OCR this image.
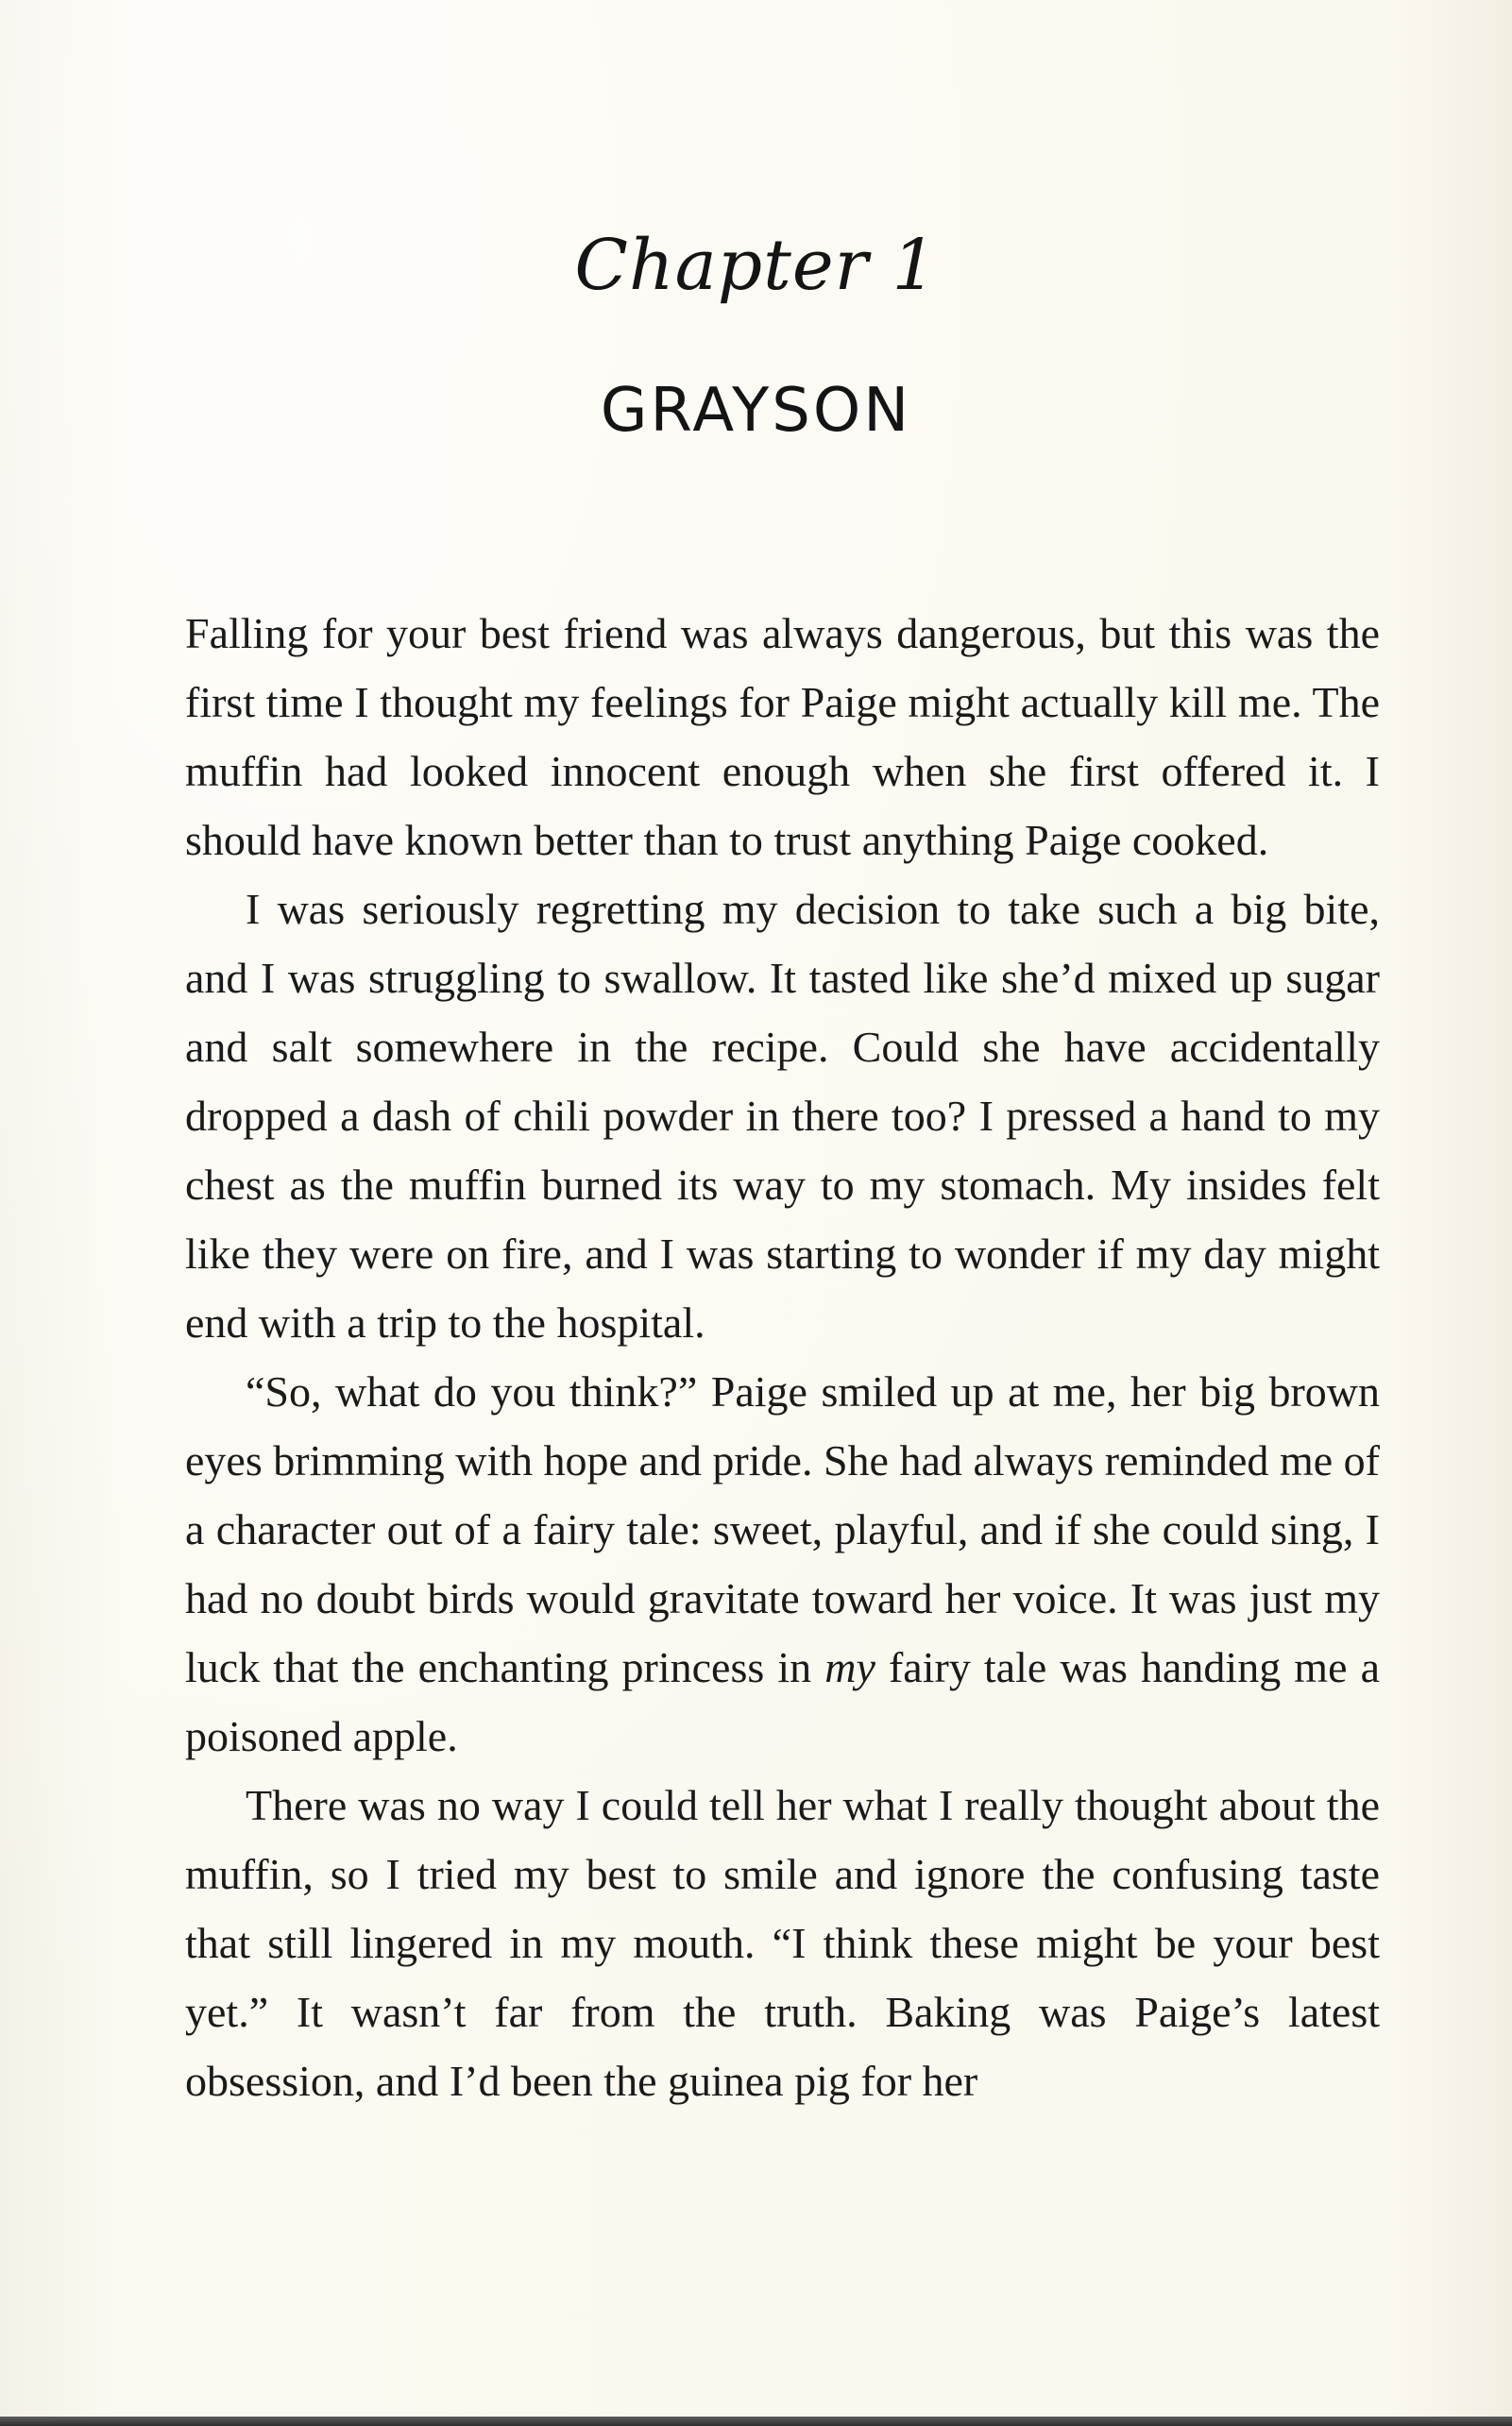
Chapter 1
GRAYSON

Falling for your best friend was always dangerous, but this was the first time I thought my feelings for Paige might actually kill me. The muffin had looked innocent enough when she first offered it. I should have known better than to trust anything Paige cooked.

I was seriously regretting my decision to take such a big bite, and I was struggling to swallow. It tasted like she’d mixed up sugar and salt somewhere in the recipe. Could she have accidentally dropped a dash of chili powder in there too? I pressed a hand to my chest as the muffin burned its way to my stomach. My insides felt like they were on fire, and I was starting to wonder if my day might end with a trip to the hospital.

“So, what do you think?” Paige smiled up at me, her big brown eyes brimming with hope and pride. She had always reminded me of a character out of a fairy tale: sweet, playful, and if she could sing, I had no doubt birds would gravitate toward her voice. It was just my luck that the enchanting princess in my fairy tale was handing me a poisoned apple.

There was no way I could tell her what I really thought about the muffin, so I tried my best to smile and ignore the confusing taste that still lingered in my mouth. “I think these might be your best yet.” It wasn’t far from the truth. Baking was Paige’s latest obsession, and I’d been the guinea pig for her
